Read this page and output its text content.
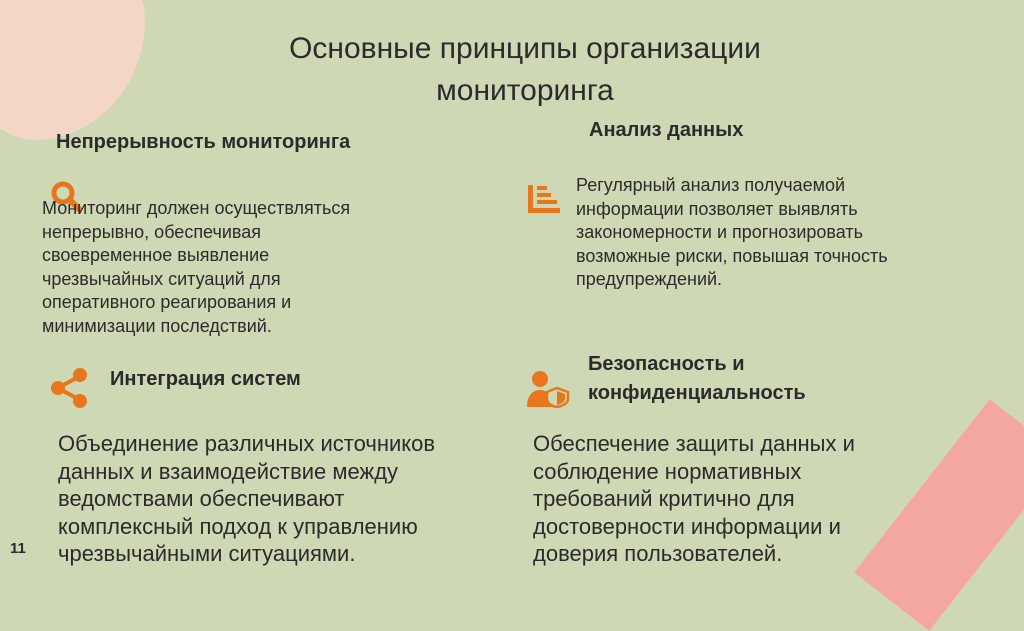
Основные принципы организации
мониторинга
Непрерывность мониторинга
Мониторинг должен осуществляться
непрерывно, обеспечивая
своевременное выявление
чрезвычайных ситуаций для
оперативного реагирования и
минимизации последствий.
Анализ данных
Регулярный анализ получаемой
информации позволяет выявлять
закономерности и прогнозировать
возможные риски, повышая точность
предупреждений.
Интеграция систем
Объединение различных источников
данных и взаимодействие между
ведомствами обеспечивают
комплексный подход к управлению
чрезвычайными ситуациями.
Безопасность и
конфиденциальность
Обеспечение защиты данных и
соблюдение нормативных
требований критично для
достоверности информации и
доверия пользователей.
11
